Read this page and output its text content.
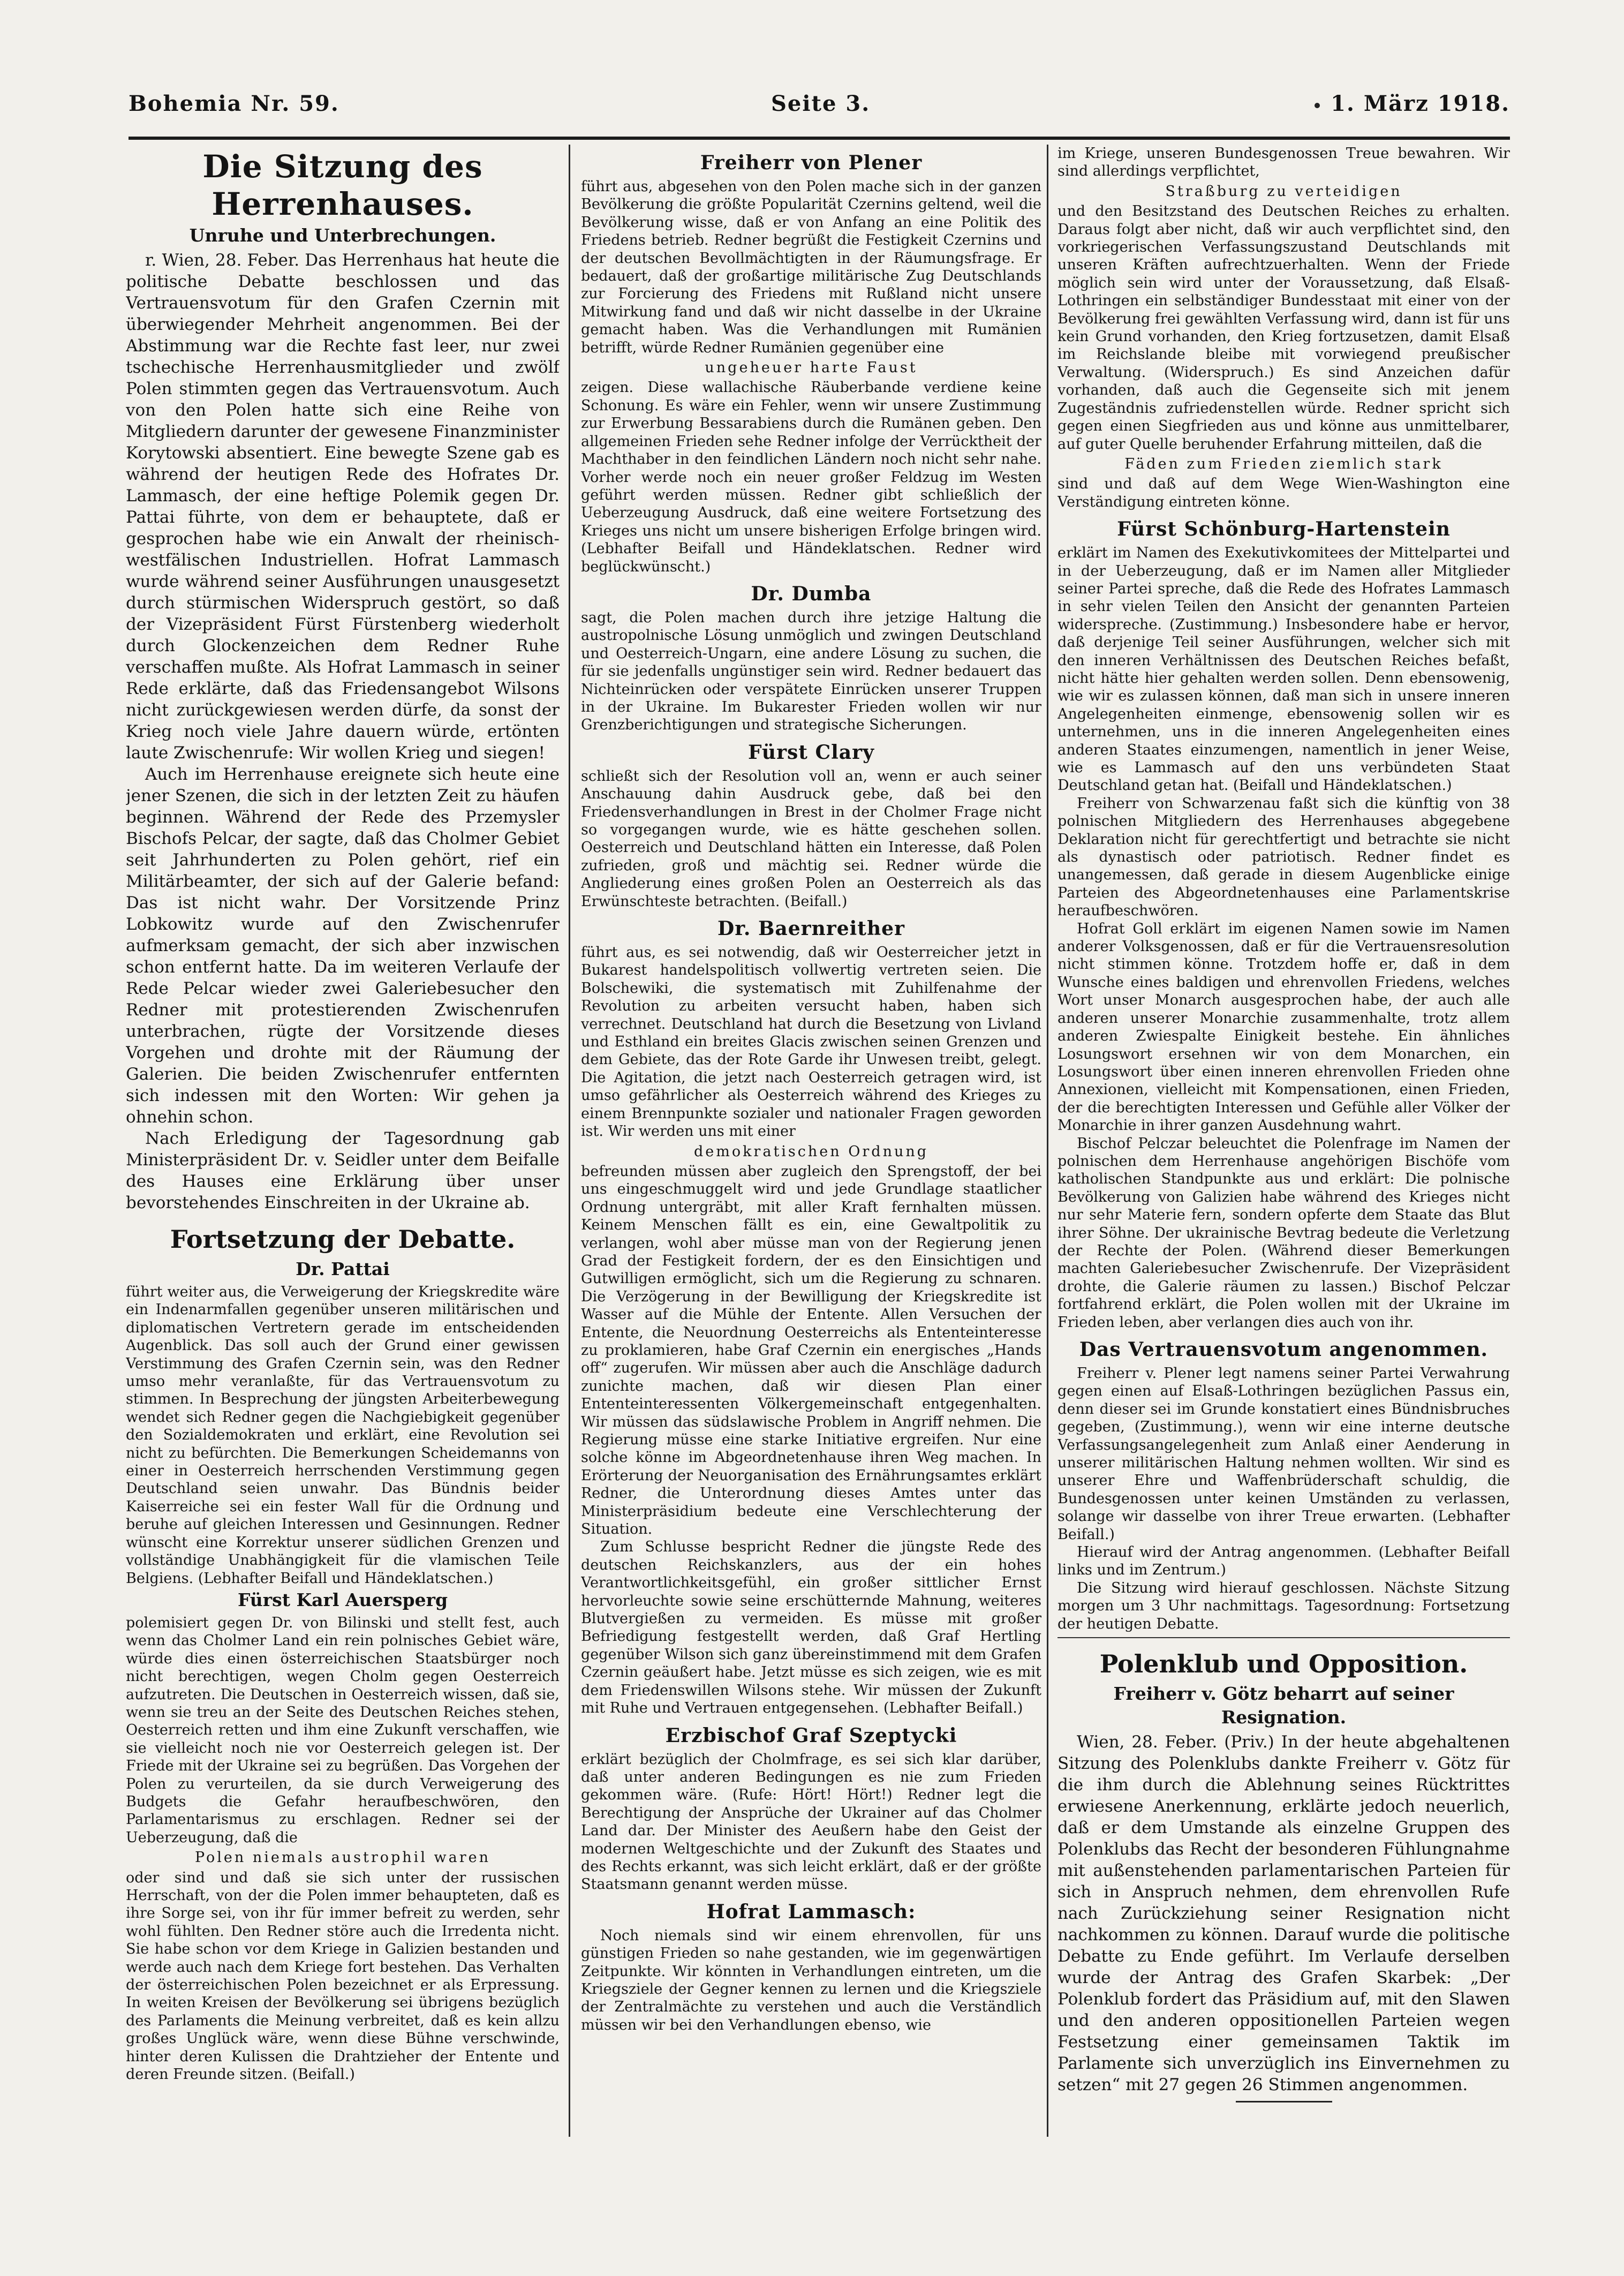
Bohemia Nr. 59.	Seite 3.	1. März 1918.
Die Sitzung des Herrenhauses.
Unruhe und Unterbrechungen.

r. Wien, 28. Feber. Das Herrenhaus hat heute die politische Debatte beschlossen und das Vertrauensvotum für den Grafen Czernin mit überwiegender Mehrheit angenommen. Bei der Abstimmung war die Rechte fast leer, nur zwei tschechische Herrenhausmitglieder und zwölf Polen stimmten gegen das Vertrauensvotum. Auch von den Polen hatte sich eine Reihe von Mitgliedern darunter der gewesene Finanzminister Korytowski absentiert. Eine bewegte Szene gab es während der heutigen Rede des Hofrates Dr. Lammasch, der eine heftige Polemik gegen Dr. Pattai führte, von dem er behauptete, daß er gesprochen habe wie ein Anwalt der rheinisch-westfälischen Industriellen. Hofrat Lammasch wurde während seiner Ausführungen unausgesetzt durch stürmischen Widerspruch gestört, so daß der Vizepräsident Fürst Fürstenberg wiederholt durch Glockenzeichen dem Redner Ruhe verschaffen mußte. Als Hofrat Lammasch in seiner Rede erklärte, daß das Friedensangebot Wilsons nicht zurückgewiesen werden dürfe, da sonst der Krieg noch viele Jahre dauern würde, ertönten laute Zwischenrufe: Wir wollen Krieg und siegen!

Auch im Herrenhause ereignete sich heute eine jener Szenen, die sich in der letzten Zeit zu häufen beginnen. Während der Rede des Przemysler Bischofs Pelcar, der sagte, daß das Cholmer Gebiet seit Jahrhunderten zu Polen gehört, rief ein Militärbeamter, der sich auf der Galerie befand: Das ist nicht wahr. Der Vorsitzende Prinz Lobkowitz wurde auf den Zwischenrufer aufmerksam gemacht, der sich aber inzwischen schon entfernt hatte. Da im weiteren Verlaufe der Rede Pelcar wieder zwei Galeriebesucher den Redner mit protestierenden Zwischenrufen unterbrachen, rügte der Vorsitzende dieses Vorgehen und drohte mit der Räumung der Galerien. Die beiden Zwischenrufer entfernten sich indessen mit den Worten: Wir gehen ja ohnehin schon.

Nach Erledigung der Tagesordnung gab Ministerpräsident Dr. v. Seidler unter dem Beifalle des Hauses eine Erklärung über unser bevorstehendes Einschreiten in der Ukraine ab.

Fortsetzung der Debatte.
Dr. Pattai

führt weiter aus, die Verweigerung der Kriegskredite wäre ein Indenarmfallen gegenüber unseren militärischen und diplomatischen Vertretern gerade im entscheidenden Augenblick. Das soll auch der Grund einer gewissen Verstimmung des Grafen Czernin sein, was den Redner umso mehr veranlaßte, für das Vertrauensvotum zu stimmen. In Besprechung der jüngsten Arbeiterbewegung wendet sich Redner gegen die Nachgiebigkeit gegenüber den Sozialdemokraten und erklärt, eine Revolution sei nicht zu befürchten. Die Bemerkungen Scheidemanns von einer in Oesterreich herrschenden Verstimmung gegen Deutschland seien unwahr. Das Bündnis beider Kaiserreiche sei ein fester Wall für die Ordnung und beruhe auf gleichen Interessen und Gesinnungen. Redner wünscht eine Korrektur unserer südlichen Grenzen und vollständige Unabhängigkeit für die vlamischen Teile Belgiens. (Lebhafter Beifall und Händeklatschen.)

Fürst Karl Auersperg

polemisiert gegen Dr. von Bilinski und stellt fest, auch wenn das Cholmer Land ein rein polnisches Gebiet wäre, würde dies einen österreichischen Staatsbürger noch nicht berechtigen, wegen Cholm gegen Oesterreich aufzutreten. Die Deutschen in Oesterreich wissen, daß sie, wenn sie treu an der Seite des Deutschen Reiches stehen, Oesterreich retten und ihm eine Zukunft verschaffen, wie sie vielleicht noch nie vor Oesterreich gelegen ist. Der Friede mit der Ukraine sei zu begrüßen. Das Vorgehen der Polen zu verurteilen, da sie durch Verweigerung des Budgets die Gefahr heraufbeschwören, den Parlamentarismus zu erschlagen. Redner sei der Ueberzeugung, daß die

Polen niemals austrophil waren

oder sind und daß sie sich unter der russischen Herrschaft, von der die Polen immer behaupteten, daß es ihre Sorge sei, von ihr für immer befreit zu werden, sehr wohl fühlten. Den Redner störe auch die Irredenta nicht. Sie habe schon vor dem Kriege in Galizien bestanden und werde auch nach dem Kriege fort bestehen. Das Verhalten der österreichischen Polen bezeichnet er als Erpressung. In weiten Kreisen der Bevölkerung sei übrigens bezüglich des Parlaments die Meinung verbreitet, daß es kein allzu großes Unglück wäre, wenn diese Bühne verschwinde, hinter deren Kulissen die Drahtzieher der Entente und deren Freunde sitzen. (Beifall.)

Freiherr von Plener

führt aus, abgesehen von den Polen mache sich in der ganzen Bevölkerung die größte Popularität Czernins geltend, weil die Bevölkerung wisse, daß er von Anfang an eine Politik des Friedens betrieb. Redner begrüßt die Festigkeit Czernins und der deutschen Bevollmächtigten in der Räumungsfrage. Er bedauert, daß der großartige militärische Zug Deutschlands zur Forcierung des Friedens mit Rußland nicht unsere Mitwirkung fand und daß wir nicht dasselbe in der Ukraine gemacht haben. Was die Verhandlungen mit Rumänien betrifft, würde Redner Rumänien gegenüber eine

ungeheuer harte Faust

zeigen. Diese wallachische Räuberbande verdiene keine Schonung. Es wäre ein Fehler, wenn wir unsere Zustimmung zur Erwerbung Bessarabiens durch die Rumänen geben. Den allgemeinen Frieden sehe Redner infolge der Verrücktheit der Machthaber in den feindlichen Ländern noch nicht sehr nahe. Vorher werde noch ein neuer großer Feldzug im Westen geführt werden müssen. Redner gibt schließlich der Ueberzeugung Ausdruck, daß eine weitere Fortsetzung des Krieges uns nicht um unsere bisherigen Erfolge bringen wird. (Lebhafter Beifall und Händeklatschen. Redner wird beglückwünscht.)

Dr. Dumba

sagt, die Polen machen durch ihre jetzige Haltung die austropolnische Lösung unmöglich und zwingen Deutschland und Oesterreich-Ungarn, eine andere Lösung zu suchen, die für sie jedenfalls ungünstiger sein wird. Redner bedauert das Nichteinrücken oder verspätete Einrücken unserer Truppen in der Ukraine. Im Bukarester Frieden wollen wir nur Grenzberichtigungen und strategische Sicherungen.

Fürst Clary

schließt sich der Resolution voll an, wenn er auch seiner Anschauung dahin Ausdruck gebe, daß bei den Friedensverhandlungen in Brest in der Cholmer Frage nicht so vorgegangen wurde, wie es hätte geschehen sollen. Oesterreich und Deutschland hätten ein Interesse, daß Polen zufrieden, groß und mächtig sei. Redner würde die Angliederung eines großen Polen an Oesterreich als das Erwünschteste betrachten. (Beifall.)

Dr. Baernreither

führt aus, es sei notwendig, daß wir Oesterreicher jetzt in Bukarest handelspolitisch vollwertig vertreten seien. Die Bolschewiki, die systematisch mit Zuhilfenahme der Revolution zu arbeiten versucht haben, haben sich verrechnet. Deutschland hat durch die Besetzung von Livland und Esthland ein breites Glacis zwischen seinen Grenzen und dem Gebiete, das der Rote Garde ihr Unwesen treibt, gelegt. Die Agitation, die jetzt nach Oesterreich getragen wird, ist umso gefährlicher als Oesterreich während des Krieges zu einem Brennpunkte sozialer und nationaler Fragen geworden ist. Wir werden uns mit einer

demokratischen Ordnung

befreunden müssen aber zugleich den Sprengstoff, der bei uns eingeschmuggelt wird und jede Grundlage staatlicher Ordnung untergräbt, mit aller Kraft fernhalten müssen. Keinem Menschen fällt es ein, eine Gewaltpolitik zu verlangen, wohl aber müsse man von der Regierung jenen Grad der Festigkeit fordern, der es den Einsichtigen und Gutwilligen ermöglicht, sich um die Regierung zu schnaren. Die Verzögerung in der Bewilligung der Kriegskredite ist Wasser auf die Mühle der Entente. Allen Versuchen der Entente, die Neuordnung Oesterreichs als Ententeinteresse zu proklamieren, habe Graf Czernin ein energisches „Hands off“ zugerufen. Wir müssen aber auch die Anschläge dadurch zunichte machen, daß wir diesen Plan einer Ententeinteressenten Völkergemeinschaft entgegenhalten. Wir müssen das südslawische Problem in Angriff nehmen. Die Regierung müsse eine starke Initiative ergreifen. Nur eine solche könne im Abgeordnetenhause ihren Weg machen. In Erörterung der Neuorganisation des Ernährungsamtes erklärt Redner, die Unterordnung dieses Amtes unter das Ministerpräsidium bedeute eine Verschlechterung der Situation.

Zum Schlusse bespricht Redner die jüngste Rede des deutschen Reichskanzlers, aus der ein hohes Verantwortlichkeitsgefühl, ein großer sittlicher Ernst hervorleuchte sowie seine erschütternde Mahnung, weiteres Blutvergießen zu vermeiden. Es müsse mit großer Befriedigung festgestellt werden, daß Graf Hertling gegenüber Wilson sich ganz übereinstimmend mit dem Grafen Czernin geäußert habe. Jetzt müsse es sich zeigen, wie es mit dem Friedenswillen Wilsons stehe. Wir müssen der Zukunft mit Ruhe und Vertrauen entgegensehen. (Lebhafter Beifall.)

Erzbischof Graf Szeptycki

erklärt bezüglich der Cholmfrage, es sei sich klar darüber, daß unter anderen Bedingungen es nie zum Frieden gekommen wäre. (Rufe: Hört! Hört!) Redner legt die Berechtigung der Ansprüche der Ukrainer auf das Cholmer Land dar. Der Minister des Aeußern habe den Geist der modernen Weltgeschichte und der Zukunft des Staates und des Rechts erkannt, was sich leicht erklärt, daß er der größte Staatsmann genannt werden müsse.

Hofrat Lammasch:

Noch niemals sind wir einem ehrenvollen, für uns günstigen Frieden so nahe gestanden, wie im gegenwärtigen Zeitpunkte. Wir könnten in Verhandlungen eintreten, um die Kriegsziele der Gegner kennen zu lernen und die Kriegsziele der Zentralmächte zu verstehen und auch die Verständlich müssen wir bei den Verhandlungen ebenso, wie

im Kriege, unseren Bundesgenossen Treue bewahren. Wir sind allerdings verpflichtet,

Straßburg zu verteidigen

und den Besitzstand des Deutschen Reiches zu erhalten. Daraus folgt aber nicht, daß wir auch verpflichtet sind, den vorkriegerischen Verfassungszustand Deutschlands mit unseren Kräften aufrechtzuerhalten. Wenn der Friede möglich sein wird unter der Voraussetzung, daß Elsaß-Lothringen ein selbständiger Bundesstaat mit einer von der Bevölkerung frei gewählten Verfassung wird, dann ist für uns kein Grund vorhanden, den Krieg fortzusetzen, damit Elsaß im Reichslande bleibe mit vorwiegend preußischer Verwaltung. (Widerspruch.) Es sind Anzeichen dafür vorhanden, daß auch die Gegenseite sich mit jenem Zugeständnis zufriedenstellen würde. Redner spricht sich gegen einen Siegfrieden aus und könne aus unmittelbarer, auf guter Quelle beruhender Erfahrung mitteilen, daß die

Fäden zum Frieden ziemlich stark

sind und daß auf dem Wege Wien-Washington eine Verständigung eintreten könne.

Fürst Schönburg-Hartenstein

erklärt im Namen des Exekutivkomitees der Mittelpartei und in der Ueberzeugung, daß er im Namen aller Mitglieder seiner Partei spreche, daß die Rede des Hofrates Lammasch in sehr vielen Teilen den Ansicht der genannten Parteien widerspreche. (Zustimmung.) Insbesondere habe er hervor, daß derjenige Teil seiner Ausführungen, welcher sich mit den inneren Verhältnissen des Deutschen Reiches befaßt, nicht hätte hier gehalten werden sollen. Denn ebensowenig, wie wir es zulassen können, daß man sich in unsere inneren Angelegenheiten einmenge, ebensowenig sollen wir es unternehmen, uns in die inneren Angelegenheiten eines anderen Staates einzumengen, namentlich in jener Weise, wie es Lammasch auf den uns verbündeten Staat Deutschland getan hat. (Beifall und Händeklatschen.)

Freiherr von Schwarzenau faßt sich die künftig von 38 polnischen Mitgliedern des Herrenhauses abgegebene Deklaration nicht für gerechtfertigt und betrachte sie nicht als dynastisch oder patriotisch. Redner findet es unangemessen, daß gerade in diesem Augenblicke einige Parteien des Abgeordnetenhauses eine Parlamentskrise heraufbeschwören.

Hofrat Goll erklärt im eigenen Namen sowie im Namen anderer Volksgenossen, daß er für die Vertrauensresolution nicht stimmen könne. Trotzdem hoffe er, daß in dem Wunsche eines baldigen und ehrenvollen Friedens, welches Wort unser Monarch ausgesprochen habe, der auch alle anderen unserer Monarchie zusammenhalte, trotz allem anderen Zwiespalte Einigkeit bestehe. Ein ähnliches Losungswort ersehnen wir von dem Monarchen, ein Losungswort über einen inneren ehrenvollen Frieden ohne Annexionen, vielleicht mit Kompensationen, einen Frieden, der die berechtigten Interessen und Gefühle aller Völker der Monarchie in ihrer ganzen Ausdehnung wahrt.

Bischof Pelczar beleuchtet die Polenfrage im Namen der polnischen dem Herrenhause angehörigen Bischöfe vom katholischen Standpunkte aus und erklärt: Die polnische Bevölkerung von Galizien habe während des Krieges nicht nur sehr Materie fern, sondern opferte dem Staate das Blut ihrer Söhne. Der ukrainische Bevtrag bedeute die Verletzung der Rechte der Polen. (Während dieser Bemerkungen machten Galeriebesucher Zwischenrufe. Der Vizepräsident drohte, die Galerie räumen zu lassen.) Bischof Pelczar fortfahrend erklärt, die Polen wollen mit der Ukraine im Frieden leben, aber verlangen dies auch von ihr.

Das Vertrauensvotum angenommen.

Freiherr v. Plener legt namens seiner Partei Verwahrung gegen einen auf Elsaß-Lothringen bezüglichen Passus ein, denn dieser sei im Grunde konstatiert eines Bündnisbruches gegeben, (Zustimmung.), wenn wir eine interne deutsche Verfassungsangelegenheit zum Anlaß einer Aenderung in unserer militärischen Haltung nehmen wollten. Wir sind es unserer Ehre und Waffenbrüderschaft schuldig, die Bundesgenossen unter keinen Umständen zu verlassen, solange wir dasselbe von ihrer Treue erwarten. (Lebhafter Beifall.)

Hierauf wird der Antrag angenommen. (Lebhafter Beifall links und im Zentrum.)

Die Sitzung wird hierauf geschlossen. Nächste Sitzung morgen um 3 Uhr nachmittags. Tagesordnung: Fortsetzung der heutigen Debatte.

Polenklub und Opposition.
Freiherr v. Götz beharrt auf seiner Resignation.

Wien, 28. Feber. (Priv.) In der heute abgehaltenen Sitzung des Polenklubs dankte Freiherr v. Götz für die ihm durch die Ablehnung seines Rücktrittes erwiesene Anerkennung, erklärte jedoch neuerlich, daß er dem Umstande als einzelne Gruppen des Polenklubs das Recht der besonderen Fühlungnahme mit außenstehenden parlamentarischen Parteien für sich in Anspruch nehmen, dem ehrenvollen Rufe nach Zurückziehung seiner Resignation nicht nachkommen zu können. Darauf wurde die politische Debatte zu Ende geführt. Im Verlaufe derselben wurde der Antrag des Grafen Skarbek: „Der Polenklub fordert das Präsidium auf, mit den Slawen und den anderen oppositionellen Parteien wegen Festsetzung einer gemeinsamen Taktik im Parlamente sich unverzüglich ins Einvernehmen zu setzen“ mit 27 gegen 26 Stimmen angenommen.
